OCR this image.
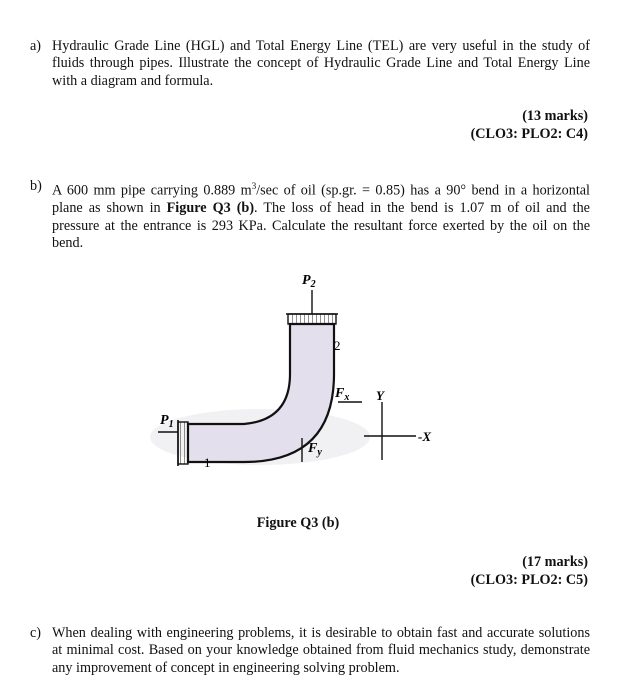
a) Hydraulic Grade Line (HGL) and Total Energy Line (TEL) are very useful in the study of fluids through pipes. Illustrate the concept of Hydraulic Grade Line and Total Energy Line with a diagram and formula.
(13 marks)
(CLO3: PLO2: C4)
b) A 600 mm pipe carrying 0.889 $m^3/\sec$ of oil (sp.gr. = 0.85) has a 90° bend in a horizontal plane as shown in Figure Q3 (b). The loss of head in the bend is 1.07 m of oil and the pressure at the entrance is 293 KPa. Calculate the resultant force exerted by the oil on the bend.
$P_2$
2
$P_1$
1
$F_x$
$F_y$
Y
-X
Figure Q3 (b)
(17 marks)
(CLO3: PLO2: C5)
c) When dealing with engineering problems, it is desirable to obtain fast and accurate solutions at minimal cost. Based on your knowledge obtained from fluid mechanics study, demonstrate any improvement of concept in engineering solving problem.
